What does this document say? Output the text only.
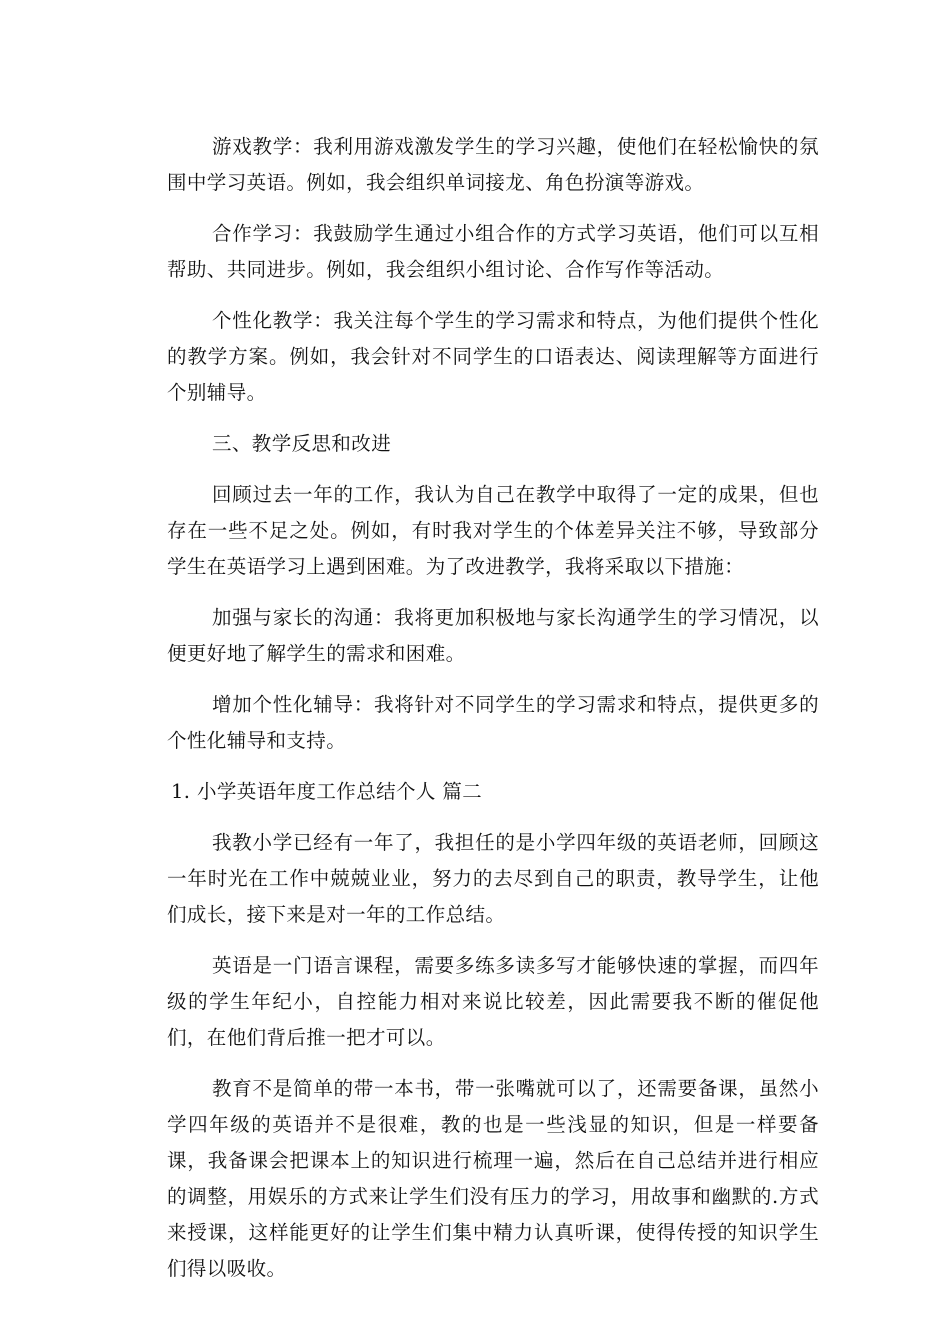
游戏教学：我利用游戏激发学生的学习兴趣，使他们在轻松愉快的氛围中学习英语。例如，我会组织单词接龙、角色扮演等游戏。

合作学习：我鼓励学生通过小组合作的方式学习英语，他们可以互相帮助、共同进步。例如，我会组织小组讨论、合作写作等活动。

个性化教学：我关注每个学生的学习需求和特点，为他们提供个性化的教学方案。例如，我会针对不同学生的口语表达、阅读理解等方面进行个别辅导。

三、教学反思和改进

回顾过去一年的工作，我认为自己在教学中取得了一定的成果，但也存在一些不足之处。例如，有时我对学生的个体差异关注不够，导致部分学生在英语学习上遇到困难。为了改进教学，我将采取以下措施：

加强与家长的沟通：我将更加积极地与家长沟通学生的学习情况，以便更好地了解学生的需求和困难。

增加个性化辅导：我将针对不同学生的学习需求和特点，提供更多的个性化辅导和支持。

1. 小学英语年度工作总结个人 篇二

我教小学已经有一年了，我担任的是小学四年级的英语老师，回顾这一年时光在工作中兢兢业业，努力的去尽到自己的职责，教导学生，让他们成长，接下来是对一年的工作总结。

英语是一门语言课程，需要多练多读多写才能够快速的掌握，而四年级的学生年纪小，自控能力相对来说比较差，因此需要我不断的催促他们，在他们背后推一把才可以。

教育不是简单的带一本书，带一张嘴就可以了，还需要备课，虽然小学四年级的英语并不是很难，教的也是一些浅显的知识，但是一样要备课，我备课会把课本上的知识进行梳理一遍，然后在自己总结并进行相应的调整，用娱乐的方式来让学生们没有压力的学习，用故事和幽默的.方式来授课，这样能更好的让学生们集中精力认真听课，使得传授的知识学生们得以吸收。
